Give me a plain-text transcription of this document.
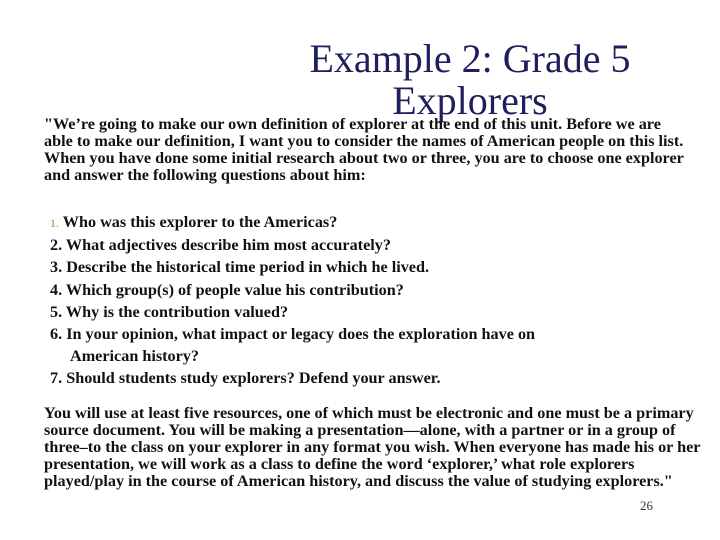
Example 2: Grade 5
Explorers
"We’re going to make our own definition of explorer at the end of this unit. Before we are able to make our definition, I want you to consider the names of American people on this list. When you have done some initial research about two or three, you are to choose one explorer and answer the following questions about him:
1. Who was this explorer to the Americas?
2. What adjectives describe him most accurately?
3. Describe the historical time period in which he lived.
4. Which group(s) of people value his contribution?
5. Why is the contribution valued?
6. In your opinion, what impact or legacy does the exploration have on
American history?
7. Should students study explorers? Defend your answer.
You will use at least five resources, one of which must be electronic and one must be a primary source document. You will be making a presentation—alone, with a partner or in a group of three–to the class on your explorer in any format you wish. When everyone has made his or her presentation, we will work as a class to define the word ‘explorer,’ what role explorers played/play in the course of American history, and discuss the value of studying explorers."
26
